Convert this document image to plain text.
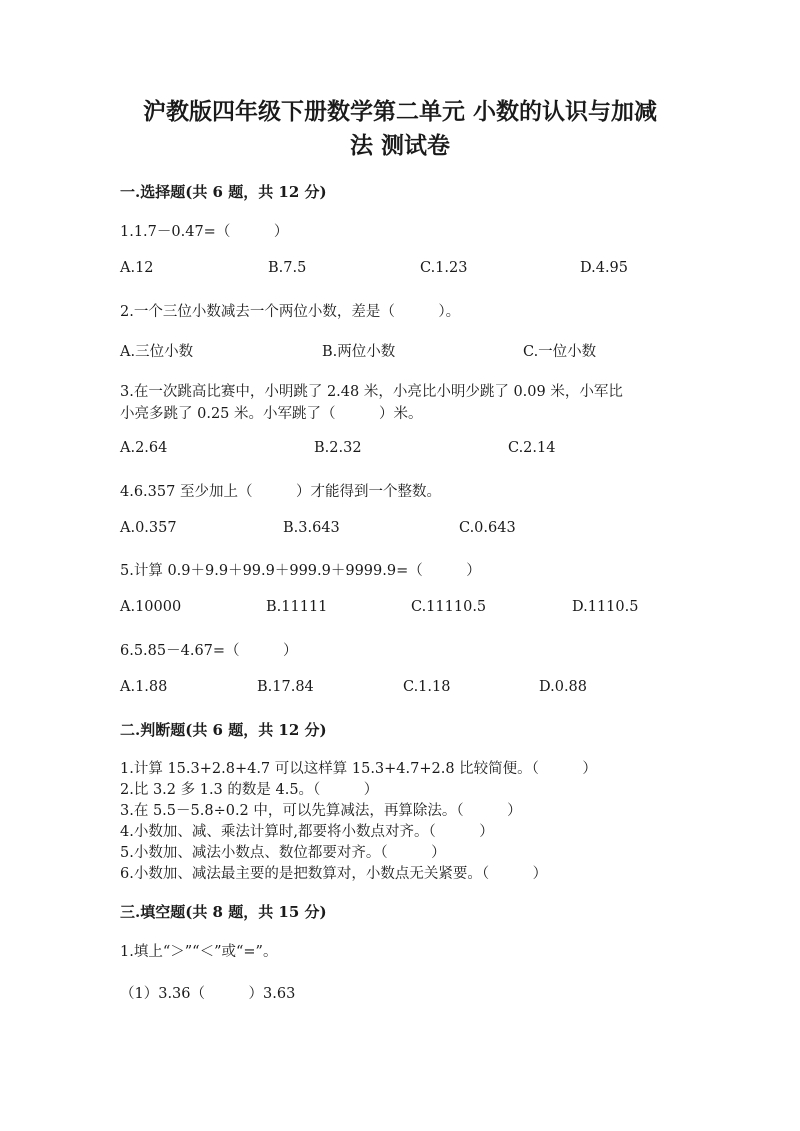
沪教版四年级下册数学第二单元 小数的认识与加减
法 测试卷
一.选择题(共 6 题，共 12 分)

1.1.7－0.47=（　　　）

A.12	B.7.5	C.1.23	D.4.95

2.一个三位小数减去一个两位小数，差是（　　　）。

A.三位小数	B.两位小数	C.一位小数

3.在一次跳高比赛中，小明跳了 2.48 米，小亮比小明少跳了 0.09 米，小军比

小亮多跳了 0.25 米。小军跳了（　　　）米。

A.2.64	B.2.32	C.2.14

4.6.357 至少加上（　　　）才能得到一个整数。

A.0.357	B.3.643	C.0.643

5.计算 0.9＋9.9＋99.9＋999.9＋9999.9=（　　　）

A.10000	B.11111	C.11110.5	D.1110.5

6.5.85－4.67=（　　　）

A.1.88	B.17.84	C.1.18	D.0.88

二.判断题(共 6 题，共 12 分)

1.计算 15.3+2.8+4.7 可以这样算 15.3+4.7+2.8 比较简便。（　　　）

2.比 3.2 多 1.3 的数是 4.5。（　　　）

3.在 5.5－5.8÷0.2 中，可以先算减法，再算除法。（　　　）

4.小数加、减、乘法计算时,都要将小数点对齐。（　　　）

5.小数加、减法小数点、数位都要对齐。（　　　）

6.小数加、减法最主要的是把数算对，小数点无关紧要。（　　　）

三.填空题(共 8 题，共 15 分)

1.填上“＞”“＜”或“=”。

（1）3.36（　　　）3.63
